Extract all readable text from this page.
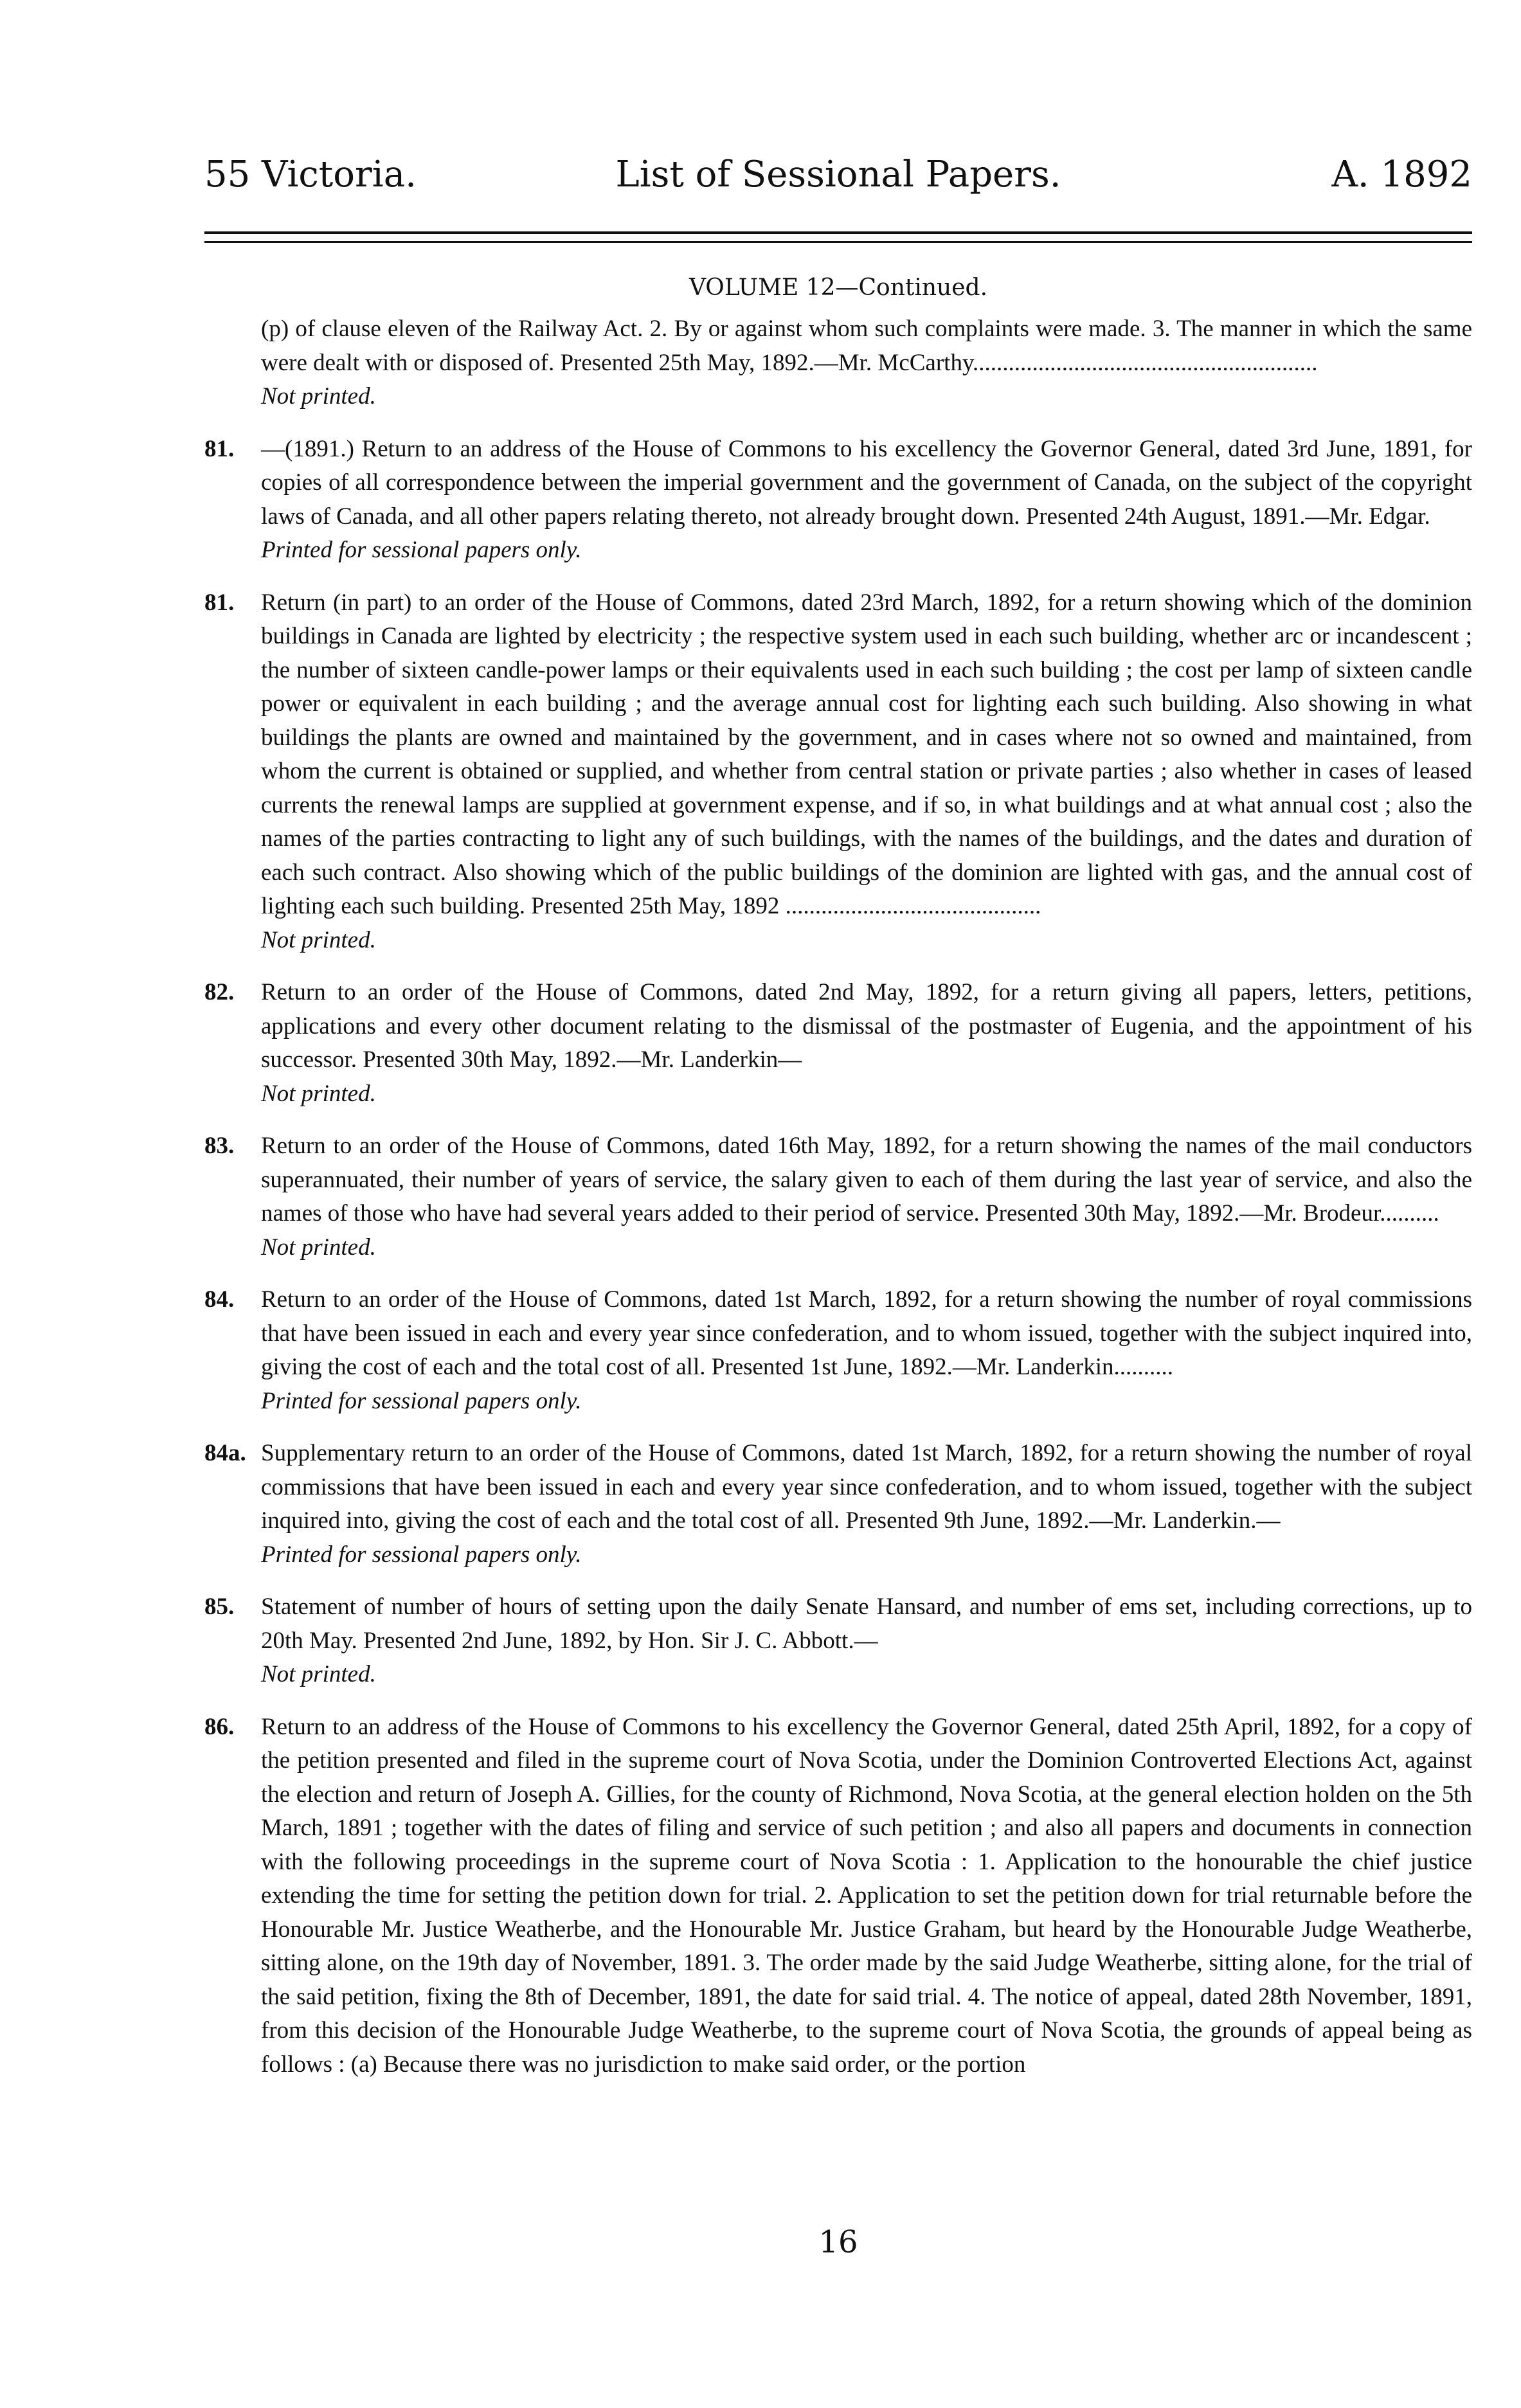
55 Victoria.	List of Sessional Papers.	A. 1892
VOLUME 12—Continued.

(p) of clause eleven of the Railway Act. 2. By or against whom such complaints were made. 3. The manner in which the same were dealt with or disposed of. Presented 25th May, 1892.—Mr. McCarthy..........................................................

Not printed.

81. —(1891.) Return to an address of the House of Commons to his excellency the Governor General, dated 3rd June, 1891, for copies of all correspondence between the imperial government and the government of Canada, on the subject of the copyright laws of Canada, and all other papers relating thereto, not already brought down. Presented 24th August, 1891.—Mr. Edgar.

Printed for sessional papers only.

81. Return (in part) to an order of the House of Commons, dated 23rd March, 1892, for a return showing which of the dominion buildings in Canada are lighted by electricity ; the respective system used in each such building, whether arc or incandescent ; the number of sixteen candle-power lamps or their equivalents used in each such building ; the cost per lamp of sixteen candle power or equivalent in each building ; and the average annual cost for lighting each such building. Also showing in what buildings the plants are owned and maintained by the government, and in cases where not so owned and maintained, from whom the current is obtained or supplied, and whether from central station or private parties ; also whether in cases of leased currents the renewal lamps are supplied at government expense, and if so, in what buildings and at what annual cost ; also the names of the parties contracting to light any of such buildings, with the names of the buildings, and the dates and duration of each such contract. Also showing which of the public buildings of the dominion are lighted with gas, and the annual cost of lighting each such building. Presented 25th May, 1892 ...........................................

Not printed.

82. Return to an order of the House of Commons, dated 2nd May, 1892, for a return giving all papers, letters, petitions, applications and every other document relating to the dismissal of the postmaster of Eugenia, and the appointment of his successor. Presented 30th May, 1892.—Mr. Landerkin—

Not printed.

83. Return to an order of the House of Commons, dated 16th May, 1892, for a return showing the names of the mail conductors superannuated, their number of years of service, the salary given to each of them during the last year of service, and also the names of those who have had several years added to their period of service. Presented 30th May, 1892.—Mr. Brodeur..........

Not printed.

84. Return to an order of the House of Commons, dated 1st March, 1892, for a return showing the number of royal commissions that have been issued in each and every year since confederation, and to whom issued, together with the subject inquired into, giving the cost of each and the total cost of all. Presented 1st June, 1892.—Mr. Landerkin..........

Printed for sessional papers only.

84a. Supplementary return to an order of the House of Commons, dated 1st March, 1892, for a return showing the number of royal commissions that have been issued in each and every year since confederation, and to whom issued, together with the subject inquired into, giving the cost of each and the total cost of all. Presented 9th June, 1892.—Mr. Landerkin.—

Printed for sessional papers only.

85. Statement of number of hours of setting upon the daily Senate Hansard, and number of ems set, including corrections, up to 20th May. Presented 2nd June, 1892, by Hon. Sir J. C. Abbott.—

Not printed.

86. Return to an address of the House of Commons to his excellency the Governor General, dated 25th April, 1892, for a copy of the petition presented and filed in the supreme court of Nova Scotia, under the Dominion Controverted Elections Act, against the election and return of Joseph A. Gillies, for the county of Richmond, Nova Scotia, at the general election holden on the 5th March, 1891 ; together with the dates of filing and service of such petition ; and also all papers and documents in connection with the following proceedings in the supreme court of Nova Scotia : 1. Application to the honourable the chief justice extending the time for setting the petition down for trial. 2. Application to set the petition down for trial returnable before the Honourable Mr. Justice Weatherbe, and the Honourable Mr. Justice Graham, but heard by the Honourable Judge Weatherbe, sitting alone, on the 19th day of November, 1891. 3. The order made by the said Judge Weatherbe, sitting alone, for the trial of the said petition, fixing the 8th of December, 1891, the date for said trial. 4. The notice of appeal, dated 28th November, 1891, from this decision of the Honourable Judge Weatherbe, to the supreme court of Nova Scotia, the grounds of appeal being as follows : (a) Because there was no jurisdiction to make said order, or the portion

16
